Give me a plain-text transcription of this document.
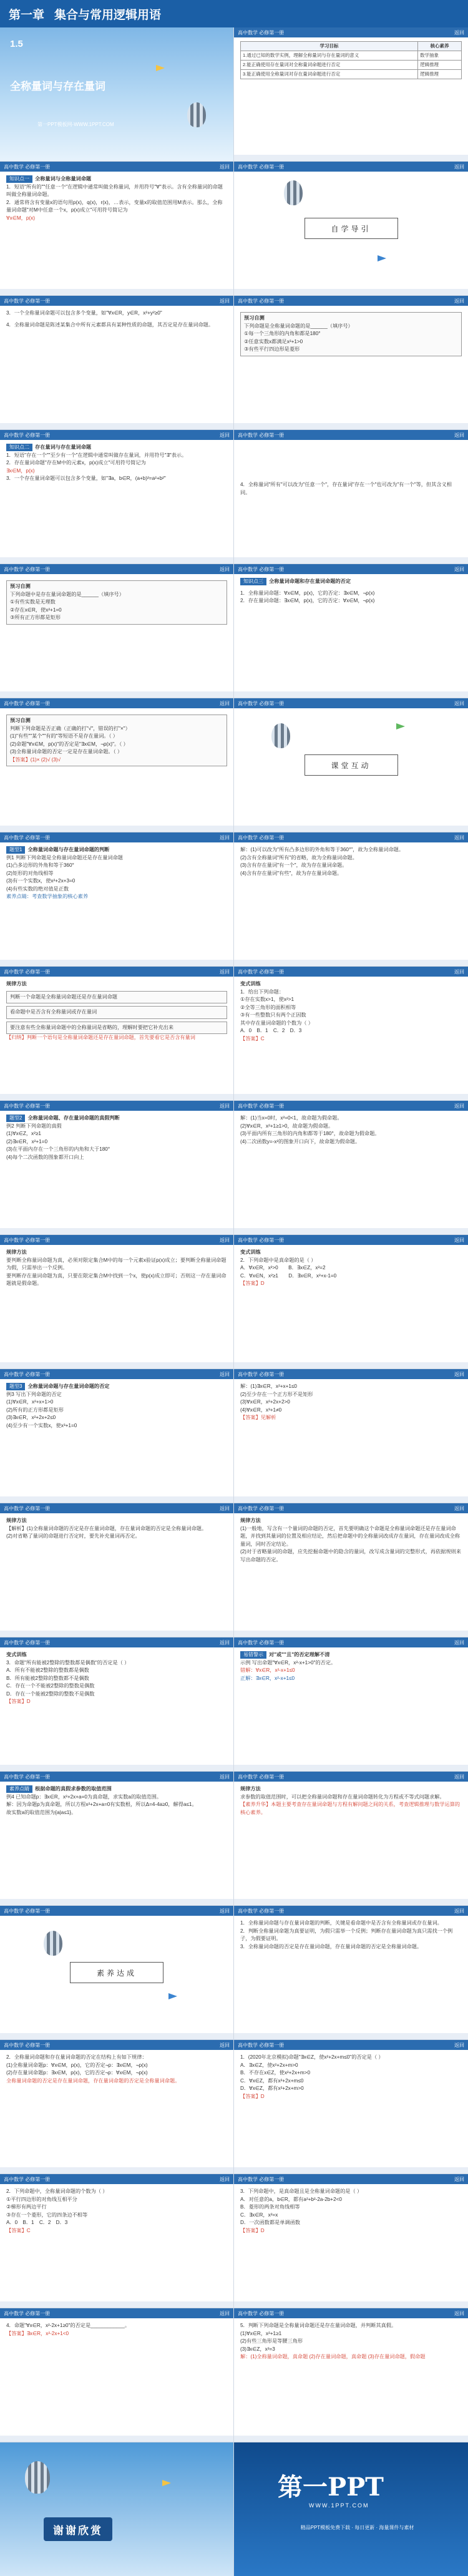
第一章 集合与常用逻辑用语
1.5
全称量词与存在量词
第一PPT模板网-WWW.1PPT.COM
高中数学 必修第一册	返回
学习目标	核心素养
1.通过已知的数学实例，理解全称量词与存在量词的意义	数学抽象
2.能正确使用存在量词对全称量词命题进行否定	逻辑推理
3.能正确使用全称量词对存在量词命题进行否定	逻辑推理
高中数学 必修第一册	返回
知识点一 全称量词与全称量词命题

1．短语"所有的""任意一个"在逻辑中通常叫做全称量词，并用符号"∀"表示。含有全称量词的命题叫做全称量词命题。

2．通常将含有变量x的语句用p(x)，q(x)，r(x)，…表示，变量x的取值范围用M表示。那么，全称量词命题"对M中任意一个x，p(x)成立"可用符号简记为

∀x∈M，p(x)

高中数学 必修第一册	返回
自学导引
高中数学 必修第一册	返回

3．一个全称量词命题可以包含多个变量，如"∀x∈R，y∈R，x²+y²≥0"

4．全称量词命题是陈述某集合中所有元素都具有某种性质的命题，其否定是存在量词命题。

高中数学 必修第一册	返回
预习自测

下列命题是全称量词命题的是______（填序号）

①每一个三角形的内角和都是180°

②任意实数x都满足x²+1>0

③有些平行四边形是菱形

高中数学 必修第一册	返回
知识点二 存在量词与存在量词命题

1．短语"存在一个""至少有一个"在逻辑中通常叫做存在量词，并用符号"∃"表示。

2．存在量词命题"存在M中的元素x，p(x)成立"可用符号简记为

∃x∈M，p(x)

3．一个存在量词命题可以包含多个变量，如"∃a，b∈R，(a+b)²=a²+b²"

高中数学 必修第一册	返回

4．全称量词"所有"可以改为"任意一个"，存在量词"存在一个"也可改为"有一个"等，但其含义相同。

高中数学 必修第一册	返回
预习自测

下列命题中是存在量词命题的是______（填序号）

①有些实数是无理数

②存在x∈R，使x²+1=0

③所有正方形都是矩形

高中数学 必修第一册	返回
知识点三 全称量词命题和存在量词命题的否定

1．全称量词命题：∀x∈M，p(x)，它的否定：∃x∈M，¬p(x)

2．存在量词命题：∃x∈M，p(x)，它的否定：∀x∈M，¬p(x)

高中数学 必修第一册	返回
预习自测

判断下列命题是否正确（正确的打"√"，错误的打"×"）

(1)"有些""某个""有的"等短语不是存在量词。（ ）

(2)命题"∀x∈M，p(x)"的否定是"∃x∈M，¬p(x)"。（ ）

(3)全称量词命题的否定一定是存在量词命题。（ ）

【答案】(1)× (2)√ (3)√

高中数学 必修第一册	返回
课堂互动
高中数学 必修第一册	返回
题型1 全称量词命题与存在量词命题的判断

例1 判断下列命题是全称量词命题还是存在量词命题

(1)凸多边形的外角和等于360°

(2)矩形的对角线相等

(3)有一个实数x，使x²+2x+3=0

(4)有些实数的绝对值是正数

素养点睛：考查数学抽象的核心素养

高中数学 必修第一册	返回

解：(1)可以改为"所有凸多边形的外角和等于360°"，故为全称量词命题。

(2)含有全称量词"所有"的省略，故为全称量词命题。

(3)含有存在量词"有一个"，故为存在量词命题。

(4)含有存在量词"有些"，故为存在量词命题。

高中数学 必修第一册	返回
规律方法
判断一个命题是全称量词命题还是存在量词命题
看命题中是否含有全称量词或存在量词
要注意有些全称量词命题中的全称量词是省略的，理解时要把它补充出来

【归纳】判断一个语句是全称量词命题还是存在量词命题，首先要看它是否含有量词

高中数学 必修第一册	返回
变式训练

1．给出下列命题：

①存在实数x>1，使x²>1

②全等三角形的面积相等

③有一些整数只有两个正因数

其中存在量词命题的个数为（ ）

A．0　 B．1　 C．2　 D．3

【答案】C

高中数学 必修第一册	返回
题型2 全称量词命题、存在量词命题的真假判断

例2 判断下列命题的真假

(1)∀x∈Z，x²≥1

(2)∃x∈R，x²+1=0

(3)在平面内存在一个三角形的内角和大于180°

(4)每个二次函数的图象都开口向上

高中数学 必修第一册	返回

解：(1)当x=0时，x²=0<1，故命题为假命题。

(2)∀x∈R，x²+1≥1>0，故命题为假命题。

(3)平面内所有三角形的内角和都等于180°，故命题为假命题。

(4)二次函数y=-x²的图象开口向下，故命题为假命题。

高中数学 必修第一册	返回
规律方法

要判断全称量词命题为真，必须对限定集合M中的每一个元素x验证p(x)成立；要判断全称量词命题为假，只需举出一个反例。

要判断存在量词命题为真，只要在限定集合M中找到一个x，使p(x)成立即可；否则这一存在量词命题就是假命题。

高中数学 必修第一册	返回
变式训练

2．下列命题中是真命题的是（ ）

A．∀x∈R，x²>0　　 B．∃x∈Z，x²=2

C．∀x∈N，x²≥1　　 D．∃x∈R，x²+x-1=0

【答案】D

高中数学 必修第一册	返回
题型3 全称量词命题与存在量词命题的否定

例3 写出下列命题的否定

(1)∀x∈R，x²+x+1>0

(2)所有的正方形都是矩形

(3)∃x∈R，x²+2x+2≤0

(4)至少有一个实数x，使x³+1=0

高中数学 必修第一册	返回

解：(1)∃x∈R，x²+x+1≤0

(2)至少存在一个正方形不是矩形

(3)∀x∈R，x²+2x+2>0

(4)∀x∈R，x³+1≠0

【答案】见解析

高中数学 必修第一册	返回
规律方法

【解析】(1)全称量词命题的否定是存在量词命题，存在量词命题的否定是全称量词命题。

(2)对省略了量词的命题进行否定时，要先补充量词再否定。

高中数学 必修第一册	返回
规律方法

(1)一般地，写含有一个量词的命题的否定，首先要明确这个命题是全称量词命题还是存在量词命题，并找到其量词的位置及相应结论，然后把命题中的全称量词改成存在量词，存在量词改成全称量词，同时否定结论。

(2)对于省略量词的命题，应先挖掘命题中的隐含的量词，改写成含量词的完整形式，再依据规则来写出命题的否定。

高中数学 必修第一册	返回
变式训练

3．命题"所有能被2整除的整数都是偶数"的否定是（ ）

A．所有不能被2整除的整数都是偶数

B．所有能被2整除的整数都不是偶数

C．存在一个不能被2整除的整数是偶数

D．存在一个能被2整除的整数不是偶数

【答案】D

高中数学 必修第一册	返回
易错警示 对"或""且"的否定理解不清

示例 写出命题"∀x∈R，x²-x+1>0"的否定。

错解：∀x∈R，x²-x+1≤0

正解：∃x∈R，x²-x+1≤0

高中数学 必修第一册	返回
素养点睛 根据命题的真假求参数的取值范围

例4 已知命题p：∃x∈R，x²+2x+a=0为真命题，求实数a的取值范围。

解：因为命题p为真命题，所以方程x²+2x+a=0有实数根，所以Δ=4-4a≥0，解得a≤1。

故实数a的取值范围为{a|a≤1}。

高中数学 必修第一册	返回
规律方法

求参数的取值范围时，可以把全称量词命题和存在量词命题转化为方程或不等式问题求解。

【素养升华】本题主要考查存在量词命题与方程有解问题之间的关系，考查逻辑推理与数学运算的核心素养。

高中数学 必修第一册	返回
素养达成
高中数学 必修第一册	返回

1．全称量词命题与存在量词命题的判断，关键是看命题中是否含有全称量词或存在量词。

2．判断全称量词命题为真要证明，为假只需举一个反例；判断存在量词命题为真只需找一个例子，为假要证明。

3．全称量词命题的否定是存在量词命题，存在量词命题的否定是全称量词命题。

高中数学 必修第一册	返回

2．全称量词命题和存在量词命题的否定在结构上有如下规律：

(1)全称量词命题p：∀x∈M，p(x)，它的否定¬p：∃x∈M，¬p(x)

(2)存在量词命题p：∃x∈M，p(x)，它的否定¬p：∀x∈M，¬p(x)

全称量词命题的否定是存在量词命题，存在量词命题的否定是全称量词命题。

高中数学 必修第一册	返回

1．(2020年北京模拟)命题"∃x∈Z，使x²+2x+m≤0"的否定是（ ）

A．∃x∈Z，使x²+2x+m>0

B．不存在x∈Z，使x²+2x+m>0

C．∀x∈Z，都有x²+2x+m≤0

D．∀x∈Z，都有x²+2x+m>0

【答案】D

高中数学 必修第一册	返回

2．下列命题中，全称量词命题的个数为（ ）

①平行四边形的对角线互相平分

②梯形有两边平行

③存在一个菱形，它的四条边不相等

A．0　 B．1　 C．2　 D．3

【答案】C

高中数学 必修第一册	返回

3．下列命题中，是真命题且是全称量词命题的是（ ）

A．对任意的a，b∈R，都有a²+b²-2a-2b+2<0

B．菱形的两条对角线相等

C．∃x∈R，x²=x

D．一次函数都是单调函数

【答案】D

高中数学 必修第一册	返回

4．命题"∀x∈R，x²-2x+1≥0"的否定是____________。

【答案】∃x∈R，x²-2x+1<0

高中数学 必修第一册	返回

5．判断下列命题是全称量词命题还是存在量词命题，并判断其真假。

(1)∀x∈R，x²+1≥1

(2)有些三角形是等腰三角形

(3)∃x∈Z，x²=3

解：(1)全称量词命题，真命题 (2)存在量词命题，真命题 (3)存在量词命题，假命题

谢谢欣赏
第一PPT
WWW.1PPT.COM
精品PPT模板免费下载 · 每日更新 · 海量课件与素材
